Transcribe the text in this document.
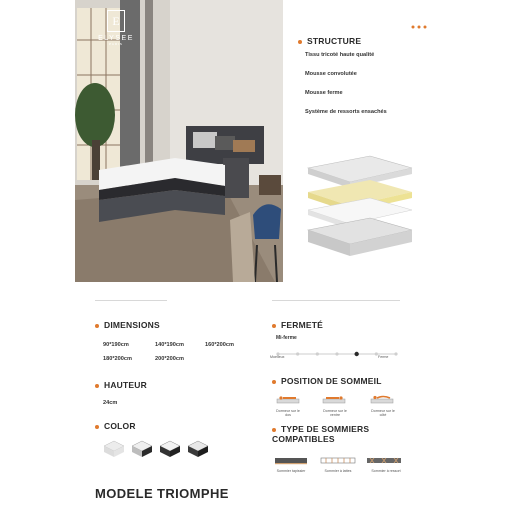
E
ELYSEE
PARIS	STRUCTURE
Tissu tricoté haute qualité
Mousse convolutée
Mousse ferme
Système de ressorts ensachés
DIMENSIONS
90*190cm	140*190cm	160*200cm
180*200cm	200*200cm
HAUTEUR
24cm
COLOR
FERMETÉ
Mi-ferme
Moelleux	Ferme
POSITION DE SOMMEIL
Dormeur sur le dos
Dormeur sur le ventre
Dormeur sur le côté
TYPE DE SOMMIERS COMPATIBLES
Sommier tapissier	Sommier à lattes	Sommier à ressort
MODELE TRIOMPHE
